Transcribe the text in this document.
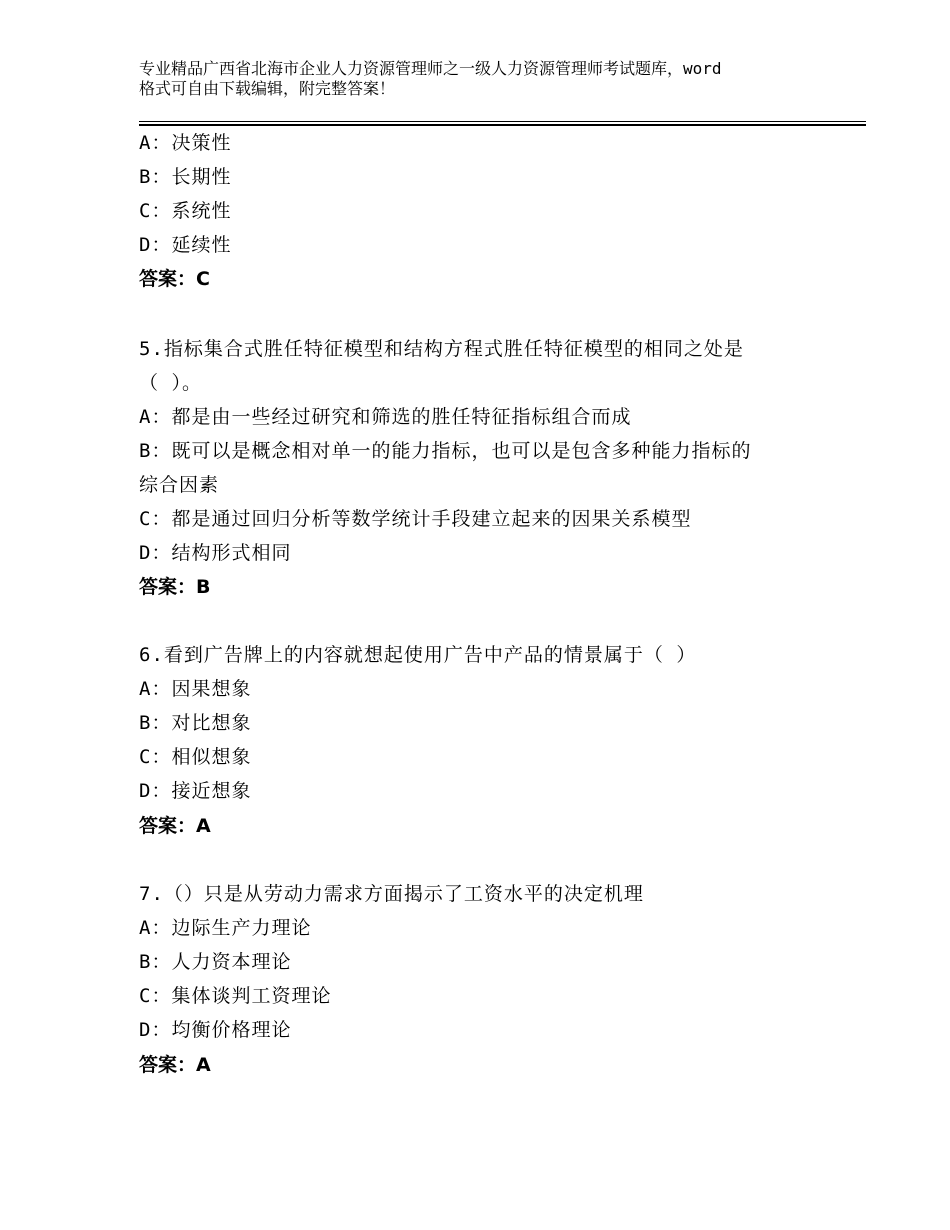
专业精品广西省北海市企业人力资源管理师之一级人力资源管理师考试题库，word
格式可自由下载编辑，附完整答案！
A：决策性
B：长期性
C：系统性
D：延续性
答案：C
5.指标集合式胜任特征模型和结构方程式胜任特征模型的相同之处是
（ ）。
A：都是由一些经过研究和筛选的胜任特征指标组合而成
B：既可以是概念相对单一的能力指标，也可以是包含多种能力指标的
综合因素
C：都是通过回归分析等数学统计手段建立起来的因果关系模型
D：结构形式相同
答案：B
6.看到广告牌上的内容就想起使用广告中产品的情景属于（ ）
A：因果想象
B：对比想象
C：相似想象
D：接近想象
答案：A
7.（）只是从劳动力需求方面揭示了工资水平的决定机理
A：边际生产力理论
B：人力资本理论
C：集体谈判工资理论
D：均衡价格理论
答案：A
